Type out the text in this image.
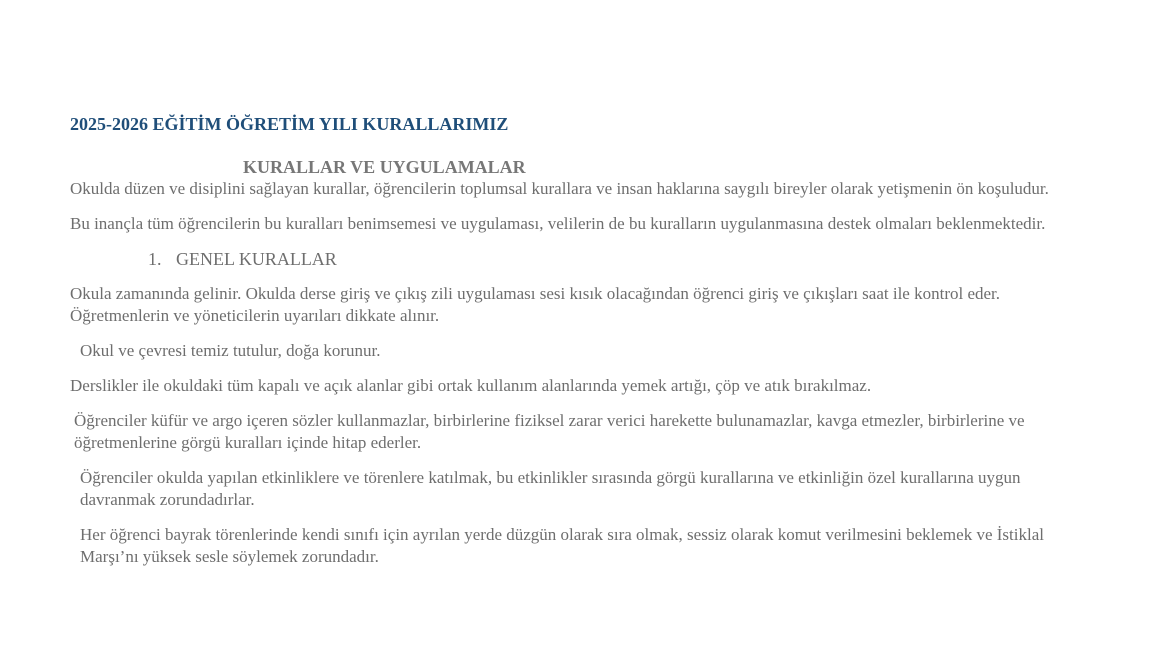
2025-2026 EĞİTİM ÖĞRETİM YILI KURALLARIMIZ
KURALLAR VE UYGULAMALAR
Okulda düzen ve disiplini sağlayan kurallar, öğrencilerin toplumsal kurallara ve insan haklarına saygılı bireyler olarak yetişmenin ön koşuludur.
Bu inançla tüm öğrencilerin bu kuralları benimsemesi ve uygulaması, velilerin de bu kuralların uygulanmasına destek olmaları beklenmektedir.
1. GENEL KURALLAR
Okula zamanında gelinir. Okulda derse giriş ve çıkış zili uygulaması sesi kısık olacağından öğrenci giriş ve çıkışları saat ile kontrol eder. Öğretmenlerin ve yöneticilerin uyarıları dikkate alınır.
Okul ve çevresi temiz tutulur, doğa korunur.
Derslikler ile okuldaki tüm kapalı ve açık alanlar gibi ortak kullanım alanlarında yemek artığı, çöp ve atık bırakılmaz.
Öğrenciler küfür ve argo içeren sözler kullanmazlar, birbirlerine fiziksel zarar verici harekette bulunamazlar, kavga etmezler, birbirlerine ve öğretmenlerine görgü kuralları içinde hitap ederler.
Öğrenciler okulda yapılan etkinliklere ve törenlere katılmak, bu etkinlikler sırasında görgü kurallarına ve etkinliğin özel kurallarına uygun davranmak zorundadırlar.
Her öğrenci bayrak törenlerinde kendi sınıfı için ayrılan yerde düzgün olarak sıra olmak, sessiz olarak komut verilmesini beklemek ve İstiklal Marşı’nı yüksek sesle söylemek zorundadır.
